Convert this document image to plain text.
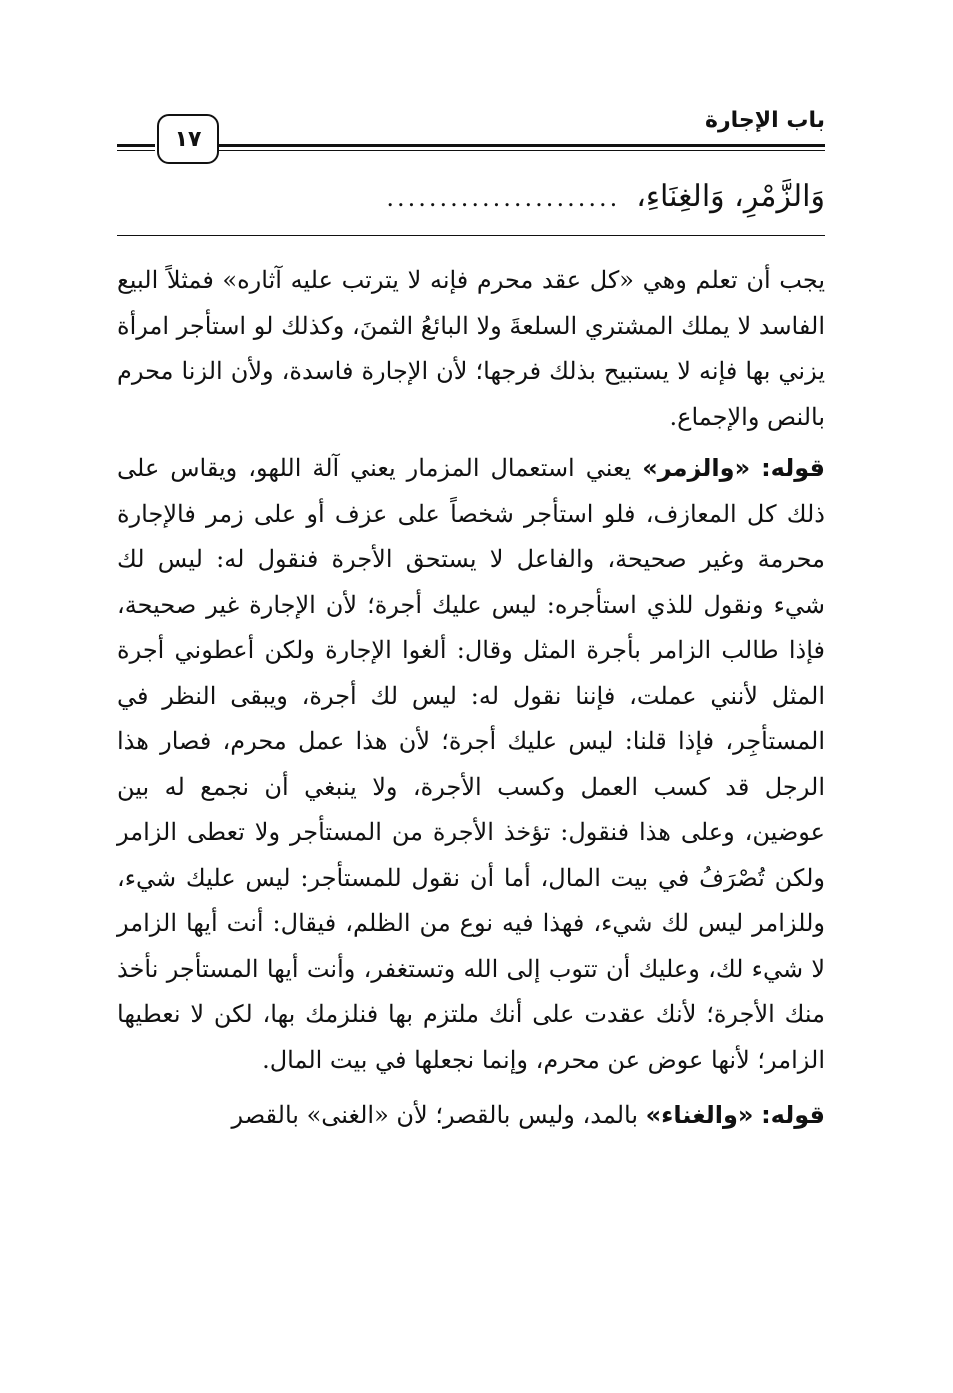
باب الإجارة
١٧
وَالزَّمْرِ، وَالغِنَاءِ،
......................

يجب أن تعلم وهي «كل عقد محرم فإنه لا يترتب عليه آثاره» فمثلاً البيع الفاسد لا يملك المشتري السلعةَ ولا البائعُ الثمنَ، وكذلك لو استأجر امرأة يزني بها فإنه لا يستبيح بذلك فرجها؛ لأن الإجارة فاسدة، ولأن الزنا محرم بالنص والإجماع.

قوله: «والزمر» يعني استعمال المزمار يعني آلة اللهو، ويقاس على ذلك كل المعازف، فلو استأجر شخصاً على عزف أو على زمر فالإجارة محرمة وغير صحيحة، والفاعل لا يستحق الأجرة فنقول له: ليس لك شيء ونقول للذي استأجره: ليس عليك أجرة؛ لأن الإجارة غير صحيحة، فإذا طالب الزامر بأجرة المثل وقال: ألغوا الإجارة ولكن أعطوني أجرة المثل لأنني عملت، فإننا نقول له: ليس لك أجرة، ويبقى النظر في المستأجِر، فإذا قلنا: ليس عليك أجرة؛ لأن هذا عمل محرم، فصار هذا الرجل قد كسب العمل وكسب الأجرة، ولا ينبغي أن نجمع له بين عوضين، وعلى هذا فنقول: تؤخذ الأجرة من المستأجر ولا تعطى الزامر ولكن تُصْرَفُ في بيت المال، أما أن نقول للمستأجر: ليس عليك شيء، وللزامر ليس لك شيء، فهذا فيه نوع من الظلم، فيقال: أنت أيها الزامر لا شيء لك، وعليك أن تتوب إلى الله وتستغفر، وأنت أيها المستأجر نأخذ منك الأجرة؛ لأنك عقدت على أنك ملتزم بها فنلزمك بها، لكن لا نعطيها الزامر؛ لأنها عوض عن محرم، وإنما نجعلها في بيت المال.

قوله: «والغناء» بالمد، وليس بالقصر؛ لأن «الغنى» بالقصر
